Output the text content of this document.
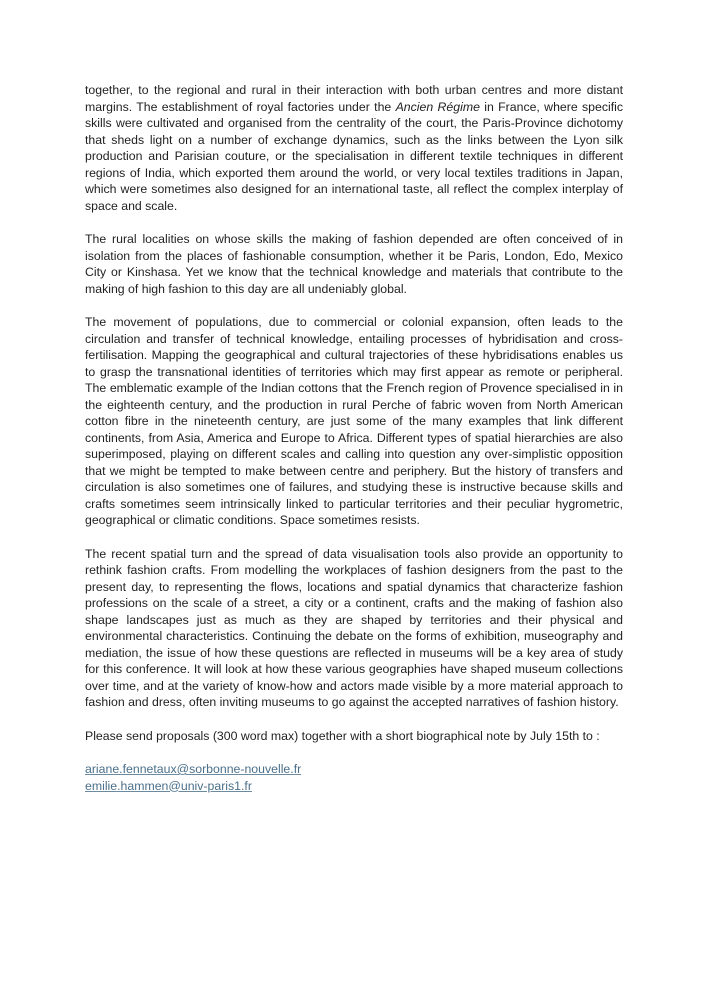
together, to the regional and rural in their interaction with both urban centres and more distant margins. The establishment of royal factories under the Ancien Régime in France, where specific skills were cultivated and organised from the centrality of the court, the Paris-Province dichotomy that sheds light on a number of exchange dynamics, such as the links between the Lyon silk production and Parisian couture, or the specialisation in different textile techniques in different regions of India, which exported them around the world, or very local textiles traditions in Japan, which were sometimes also designed for an international taste, all reflect the complex interplay of space and scale.

The rural localities on whose skills the making of fashion depended are often conceived of in isolation from the places of fashionable consumption, whether it be Paris, London, Edo, Mexico City or Kinshasa. Yet we know that the technical knowledge and materials that contribute to the making of high fashion to this day are all undeniably global.

The movement of populations, due to commercial or colonial expansion, often leads to the circulation and transfer of technical knowledge, entailing processes of hybridisation and cross-fertilisation. Mapping the geographical and cultural trajectories of these hybridisations enables us to grasp the transnational identities of territories which may first appear as remote or peripheral. The emblematic example of the Indian cottons that the French region of Provence specialised in in the eighteenth century, and the production in rural Perche of fabric woven from North American cotton fibre in the nineteenth century, are just some of the many examples that link different continents, from Asia, America and Europe to Africa. Different types of spatial hierarchies are also superimposed, playing on different scales and calling into question any over-simplistic opposition that we might be tempted to make between centre and periphery. But the history of transfers and circulation is also sometimes one of failures, and studying these is instructive because skills and crafts sometimes seem intrinsically linked to particular territories and their peculiar hygrometric, geographical or climatic conditions. Space sometimes resists.

The recent spatial turn and the spread of data visualisation tools also provide an opportunity to rethink fashion crafts. From modelling the workplaces of fashion designers from the past to the present day, to representing the flows, locations and spatial dynamics that characterize fashion professions on the scale of a street, a city or a continent, crafts and the making of fashion also shape landscapes just as much as they are shaped by territories and their physical and environmental characteristics. Continuing the debate on the forms of exhibition, museography and mediation, the issue of how these questions are reflected in museums will be a key area of study for this conference. It will look at how these various geographies have shaped museum collections over time, and at the variety of know-how and actors made visible by a more material approach to fashion and dress, often inviting museums to go against the accepted narratives of fashion history.

Please send proposals (300 word max) together with a short biographical note by July 15th to :

ariane.fennetaux@sorbonne-nouvelle.fr
emilie.hammen@univ-paris1.fr
